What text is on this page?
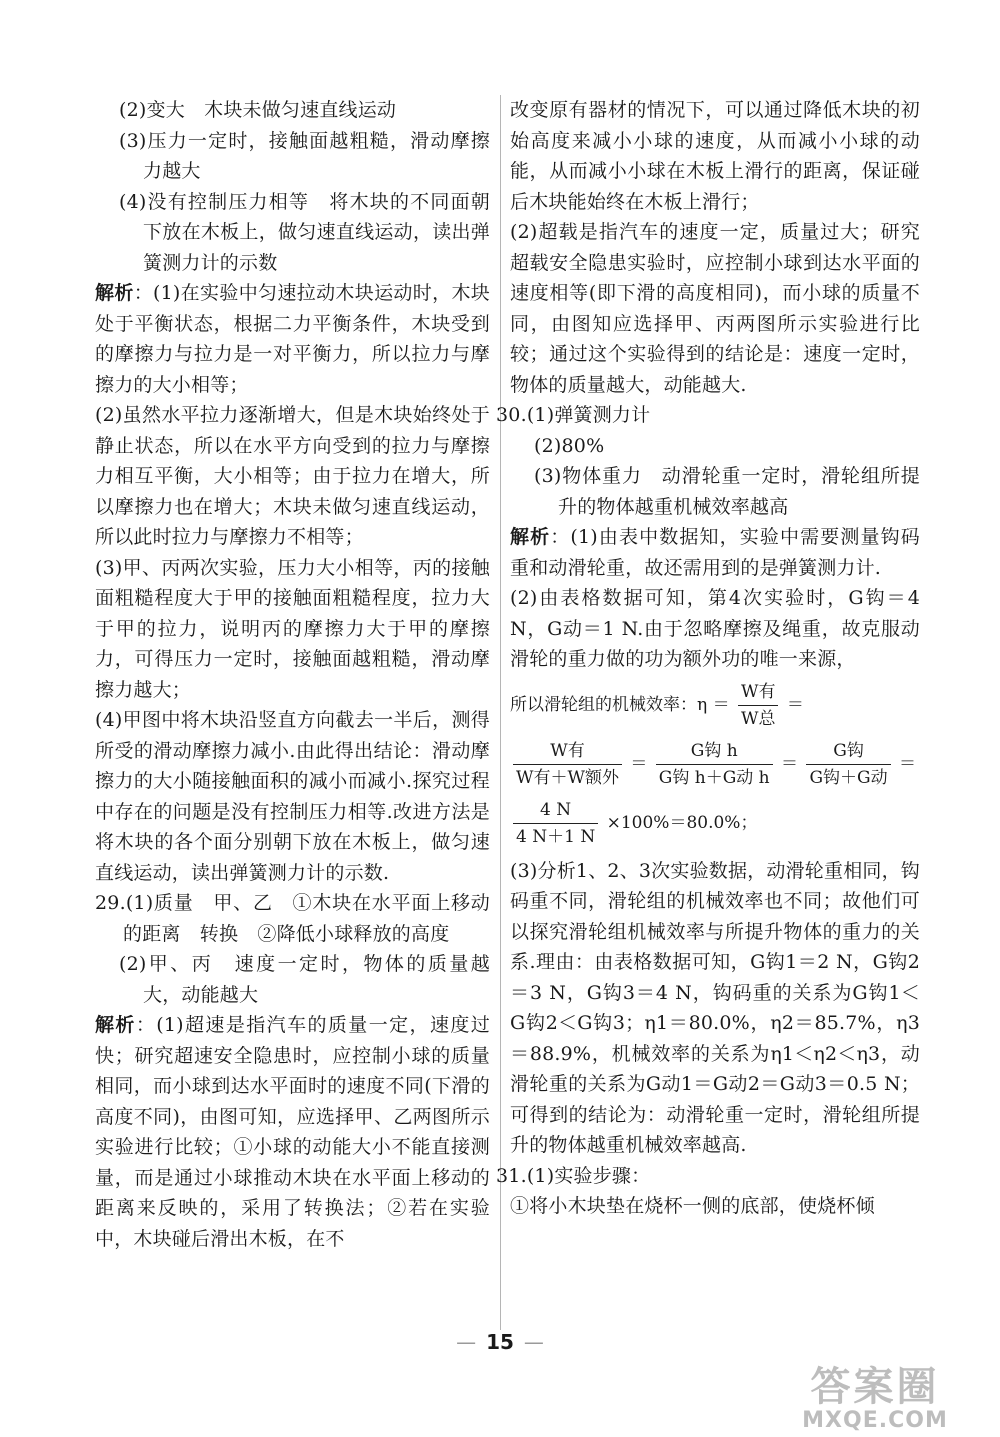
(2)变大　木块未做匀速直线运动

(3)压力一定时，接触面越粗糙，滑动摩擦力越大

(4)没有控制压力相等　将木块的不同面朝下放在木板上，做匀速直线运动，读出弹簧测力计的示数

解析：(1)在实验中匀速拉动木块运动时，木块处于平衡状态，根据二力平衡条件，木块受到的摩擦力与拉力是一对平衡力，所以拉力与摩擦力的大小相等；

(2)虽然水平拉力逐渐增大，但是木块始终处于静止状态，所以在水平方向受到的拉力与摩擦力相互平衡，大小相等；由于拉力在增大，所以摩擦力也在增大；木块未做匀速直线运动，所以此时拉力与摩擦力不相等；

(3)甲、丙两次实验，压力大小相等，丙的接触面粗糙程度大于甲的接触面粗糙程度，拉力大于甲的拉力，说明丙的摩擦力大于甲的摩擦力，可得压力一定时，接触面越粗糙，滑动摩擦力越大；

(4)甲图中将木块沿竖直方向截去一半后，测得所受的滑动摩擦力减小.由此得出结论：滑动摩擦力的大小随接触面积的减小而减小.探究过程中存在的问题是没有控制压力相等.改进方法是将木块的各个面分别朝下放在木板上，做匀速直线运动，读出弹簧测力计的示数.

29.(1)质量　甲、乙　①木块在水平面上移动的距离　转换　②降低小球释放的高度

(2)甲、丙　速度一定时，物体的质量越大，动能越大

解析：(1)超速是指汽车的质量一定，速度过快；研究超速安全隐患时，应控制小球的质量相同，而小球到达水平面时的速度不同(下滑的高度不同)，由图可知，应选择甲、乙两图所示实验进行比较；①小球的动能大小不能直接测量，而是通过小球推动木块在水平面上移动的距离来反映的，采用了转换法；②若在实验中，木块碰后滑出木板，在不

改变原有器材的情况下，可以通过降低木块的初始高度来减小小球的速度，从而减小小球的动能，从而减小小球在木板上滑行的距离，保证碰后木块能始终在木板上滑行；

(2)超载是指汽车的速度一定，质量过大；研究超载安全隐患实验时，应控制小球到达水平面的速度相等(即下滑的高度相同)，而小球的质量不同，由图知应选择甲、丙两图所示实验进行比较；通过这个实验得到的结论是：速度一定时，物体的质量越大，动能越大.

30.(1)弹簧测力计

(2)80%

(3)物体重力　动滑轮重一定时，滑轮组所提升的物体越重机械效率越高

解析：(1)由表中数据知，实验中需要测量钩码重和动滑轮重，故还需用到的是弹簧测力计.

(2)由表格数据可知，第4次实验时，G钩＝4 N，G动＝1 N.由于忽略摩擦及绳重，故克服动滑轮的重力做的功为额外功的唯一来源，

所以滑轮组的机械效率：$\eta = \frac{\text{W有}}{\text{W总}}$ ＝
$\frac{\text{W有}}{\text{W有＋W额外}} = \frac{\text{G钩 h}}{\text{G钩 h＋G动 h}} = \frac{\text{G钩}}{\text{G钩＋G动}}$ ＝
$\frac{4 N}{4 N+1 N} \times 100\%=80.0\%$；

(3)分析1、2、3次实验数据，动滑轮重相同，钩码重不同，滑轮组的机械效率也不同；故他们可以探究滑轮组机械效率与所提升物体的重力的关系.理由：由表格数据可知，G钩1＝2 N，G钩2＝3 N，G钩3＝4 N，钩码重的关系为G钩1＜G钩2＜G钩3；η1＝80.0%，η2＝85.7%，η3＝88.9%，机械效率的关系为η1＜η2＜η3，动滑轮重的关系为G动1＝G动2＝G动3＝0.5 N；可得到的结论为：动滑轮重一定时，滑轮组所提升的物体越重机械效率越高.

31.(1)实验步骤：

①将小木块垫在烧杯一侧的底部，使烧杯倾

— 15 —
答案圈
MXQE.COM
